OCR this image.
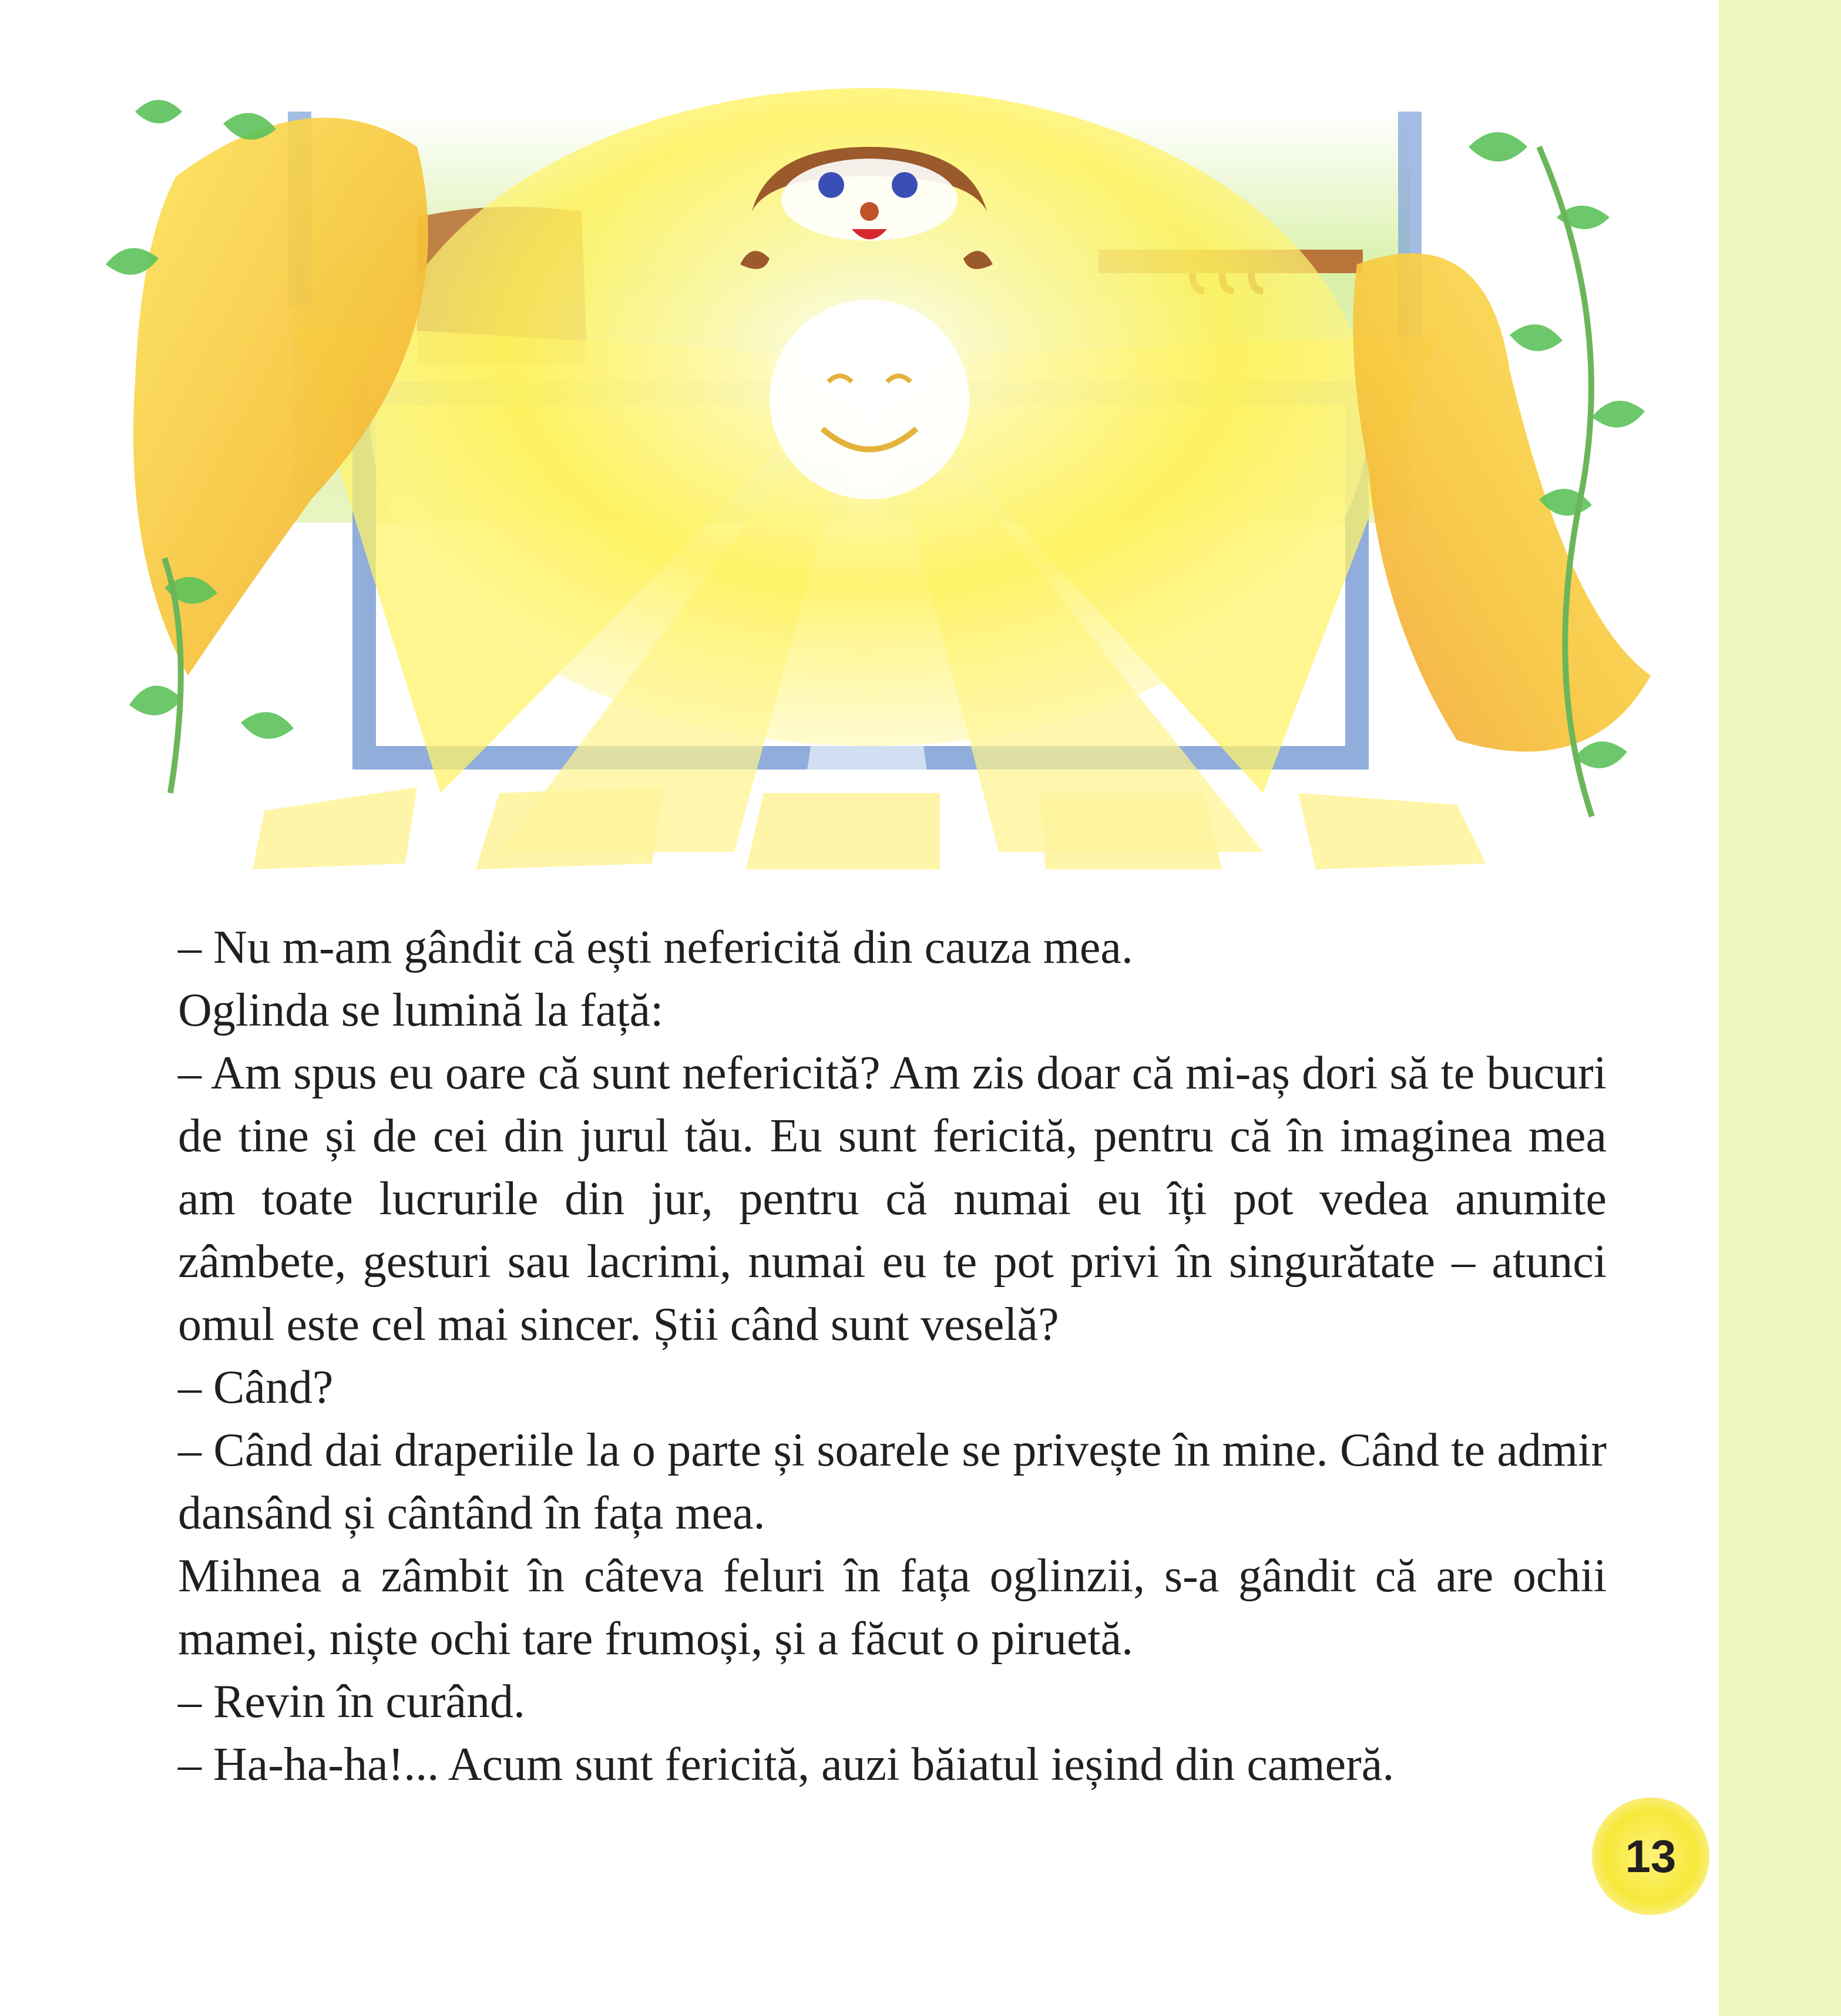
– Nu m-am gândit că ești nefericită din cauza mea.

Oglinda se lumină la față:

– Am spus eu oare că sunt nefericită? Am zis doar că mi-aș dori să te bucuri de tine și de cei din jurul tău. Eu sunt fericită, pentru că în imaginea mea am toate lucrurile din jur, pentru că numai eu îți pot vedea anumite zâmbete, gesturi sau lacrimi, numai eu te pot privi în singurătate – atunci omul este cel mai sincer. Știi când sunt veselă?

– Când?

– Când dai draperiile la o parte și soarele se privește în mine. Când te admir dansând și cântând în fața mea.

Mihnea a zâmbit în câteva feluri în fața oglinzii, s-a gândit că are ochii mamei, niște ochi tare frumoși, și a făcut o piruetă.

– Revin în curând.

– Ha-ha-ha!... Acum sunt fericită, auzi băiatul ieșind din cameră.

13
